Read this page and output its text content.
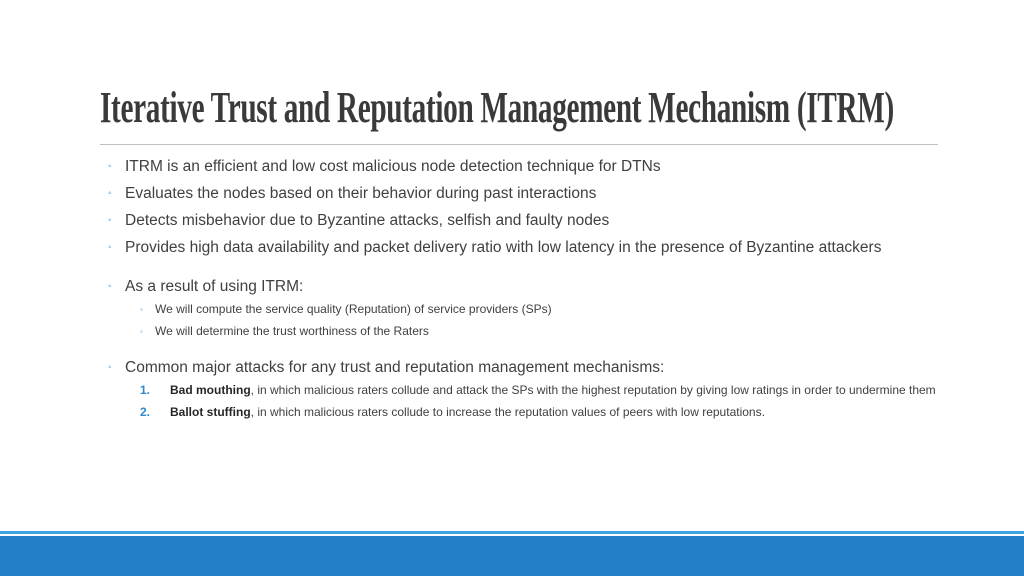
Iterative Trust and Reputation Management Mechanism (ITRM)
◦ ITRM is an efficient and low cost malicious node detection technique for DTNs
◦ Evaluates the nodes based on their behavior during past interactions
◦ Detects misbehavior due to Byzantine attacks, selfish and faulty nodes
◦ Provides high data availability and packet delivery ratio with low latency in the presence of Byzantine attackers
◦ As a result of using ITRM:
◦ We will compute the service quality (Reputation) of service providers (SPs)
◦ We will determine the trust worthiness of the Raters
◦ Common major attacks for any trust and reputation management mechanisms:
1. Bad mouthing, in which malicious raters collude and attack the SPs with the highest reputation by giving low ratings in order to undermine them
2. Ballot stuffing, in which malicious raters collude to increase the reputation values of peers with low reputations.
